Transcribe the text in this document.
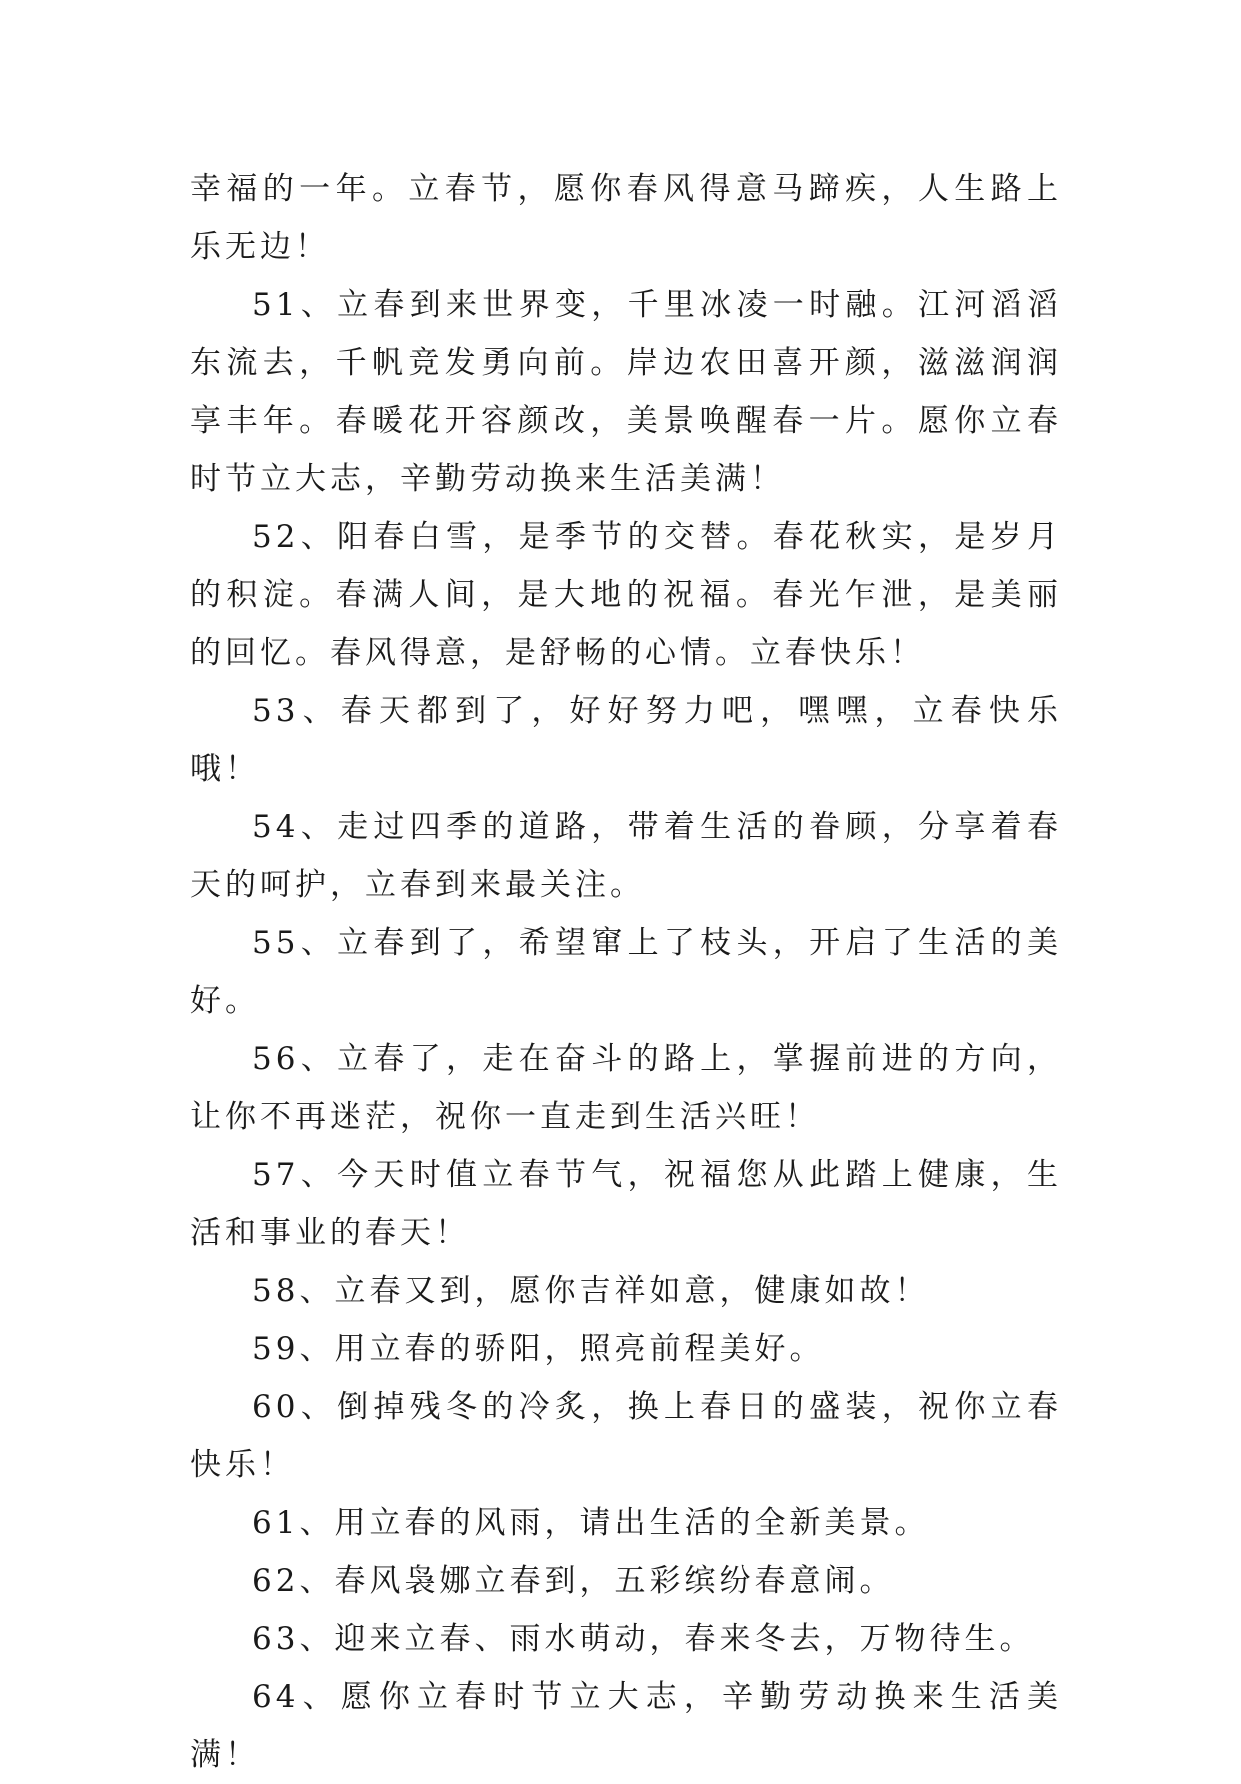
幸福的一年。立春节，愿你春风得意马蹄疾，人生路上乐无边！

51、立春到来世界变，千里冰凌一时融。江河滔滔东流去，千帆竞发勇向前。岸边农田喜开颜，滋滋润润享丰年。春暖花开容颜改，美景唤醒春一片。愿你立春时节立大志，辛勤劳动换来生活美满！

52、阳春白雪，是季节的交替。春花秋实，是岁月的积淀。春满人间，是大地的祝福。春光乍泄，是美丽的回忆。春风得意，是舒畅的心情。立春快乐！

53、春天都到了，好好努力吧，嘿嘿，立春快乐哦！

54、走过四季的道路，带着生活的眷顾，分享着春天的呵护，立春到来最关注。

55、立春到了，希望窜上了枝头，开启了生活的美好。

56、立春了，走在奋斗的路上，掌握前进的方向，让你不再迷茫，祝你一直走到生活兴旺！

57、今天时值立春节气，祝福您从此踏上健康，生活和事业的春天！

58、立春又到，愿你吉祥如意，健康如故！

59、用立春的骄阳，照亮前程美好。

60、倒掉残冬的冷炙，换上春日的盛装，祝你立春快乐！

61、用立春的风雨，请出生活的全新美景。

62、春风袅娜立春到，五彩缤纷春意闹。

63、迎来立春、雨水萌动，春来冬去，万物待生。

64、愿你立春时节立大志，辛勤劳动换来生活美满！
